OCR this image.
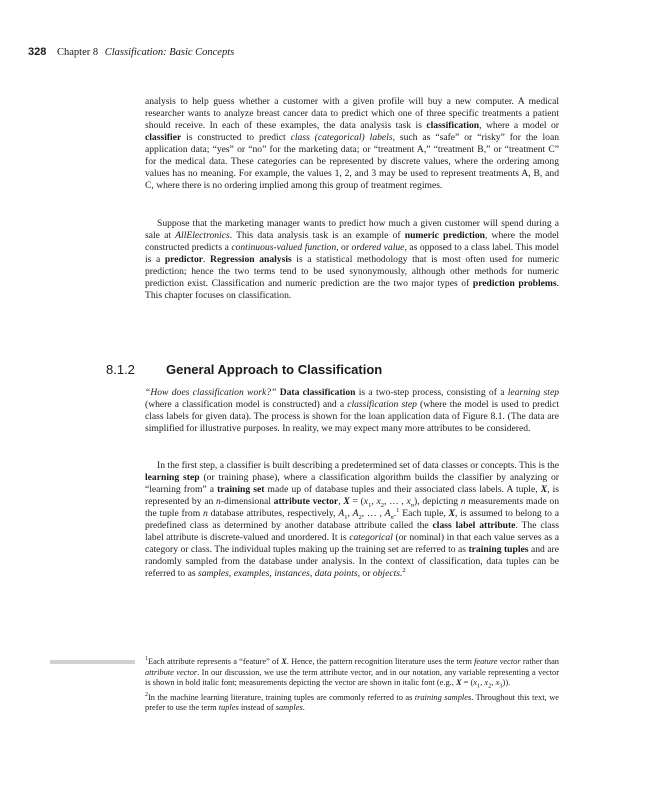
328 Chapter 8 Classification: Basic Concepts

analysis to help guess whether a customer with a given profile will buy a new computer. A medical researcher wants to analyze breast cancer data to predict which one of three specific treatments a patient should receive. In each of these examples, the data analysis task is classification, where a model or classifier is constructed to predict class (categorical) labels, such as “safe” or “risky” for the loan application data; “yes” or “no” for the marketing data; or “treatment A,” “treatment B,” or “treatment C” for the medical data. These categories can be represented by discrete values, where the ordering among values has no meaning. For example, the values 1, 2, and 3 may be used to represent treatments A, B, and C, where there is no ordering implied among this group of treatment regimes.

Suppose that the marketing manager wants to predict how much a given customer will spend during a sale at AllElectronics. This data analysis task is an example of numeric prediction, where the model constructed predicts a continuous-valued function, or ordered value, as opposed to a class label. This model is a predictor. Regression analysis is a statistical methodology that is most often used for numeric prediction; hence the two terms tend to be used synonymously, although other methods for numeric prediction exist. Classification and numeric prediction are the two major types of prediction problems. This chapter focuses on classification.

8.1.2 General Approach to Classification

“How does classification work?” Data classification is a two-step process, consisting of a learning step (where a classification model is constructed) and a classification step (where the model is used to predict class labels for given data). The process is shown for the loan application data of Figure 8.1. (The data are simplified for illustrative purposes. In reality, we may expect many more attributes to be considered.

In the first step, a classifier is built describing a predetermined set of data classes or concepts. This is the learning step (or training phase), where a classification algorithm builds the classifier by analyzing or “learning from” a training set made up of database tuples and their associated class labels. A tuple, X, is represented by an n-dimensional attribute vector, $X = (x_1$, $x_2$, … , $x_n$), depicting n measurements made on the tuple from n database attributes, respectively, $A_1$, $A_2$, … , $A_n.^1$ Each tuple, X, is assumed to belong to a predefined class as determined by another database attribute called the class label attribute. The class label attribute is discrete-valued and unordered. It is categorical (or nominal) in that each value serves as a category or class. The individual tuples making up the training set are referred to as training tuples and are randomly sampled from the database under analysis. In the context of classification, data tuples can be referred to as samples, examples, instances, data points, or objects.$^2$

$^1$Each attribute represents a “feature” of X. Hence, the pattern recognition literature uses the term feature vector rather than attribute vector. In our discussion, we use the term attribute vector, and in our notation, any variable representing a vector is shown in bold italic font; measurements depicting the vector are shown in italic font (e.g., $X = (x_1$, $x_2$, $x_3$)).

$^2$In the machine learning literature, training tuples are commonly referred to as training samples. Throughout this text, we prefer to use the term tuples instead of samples.
